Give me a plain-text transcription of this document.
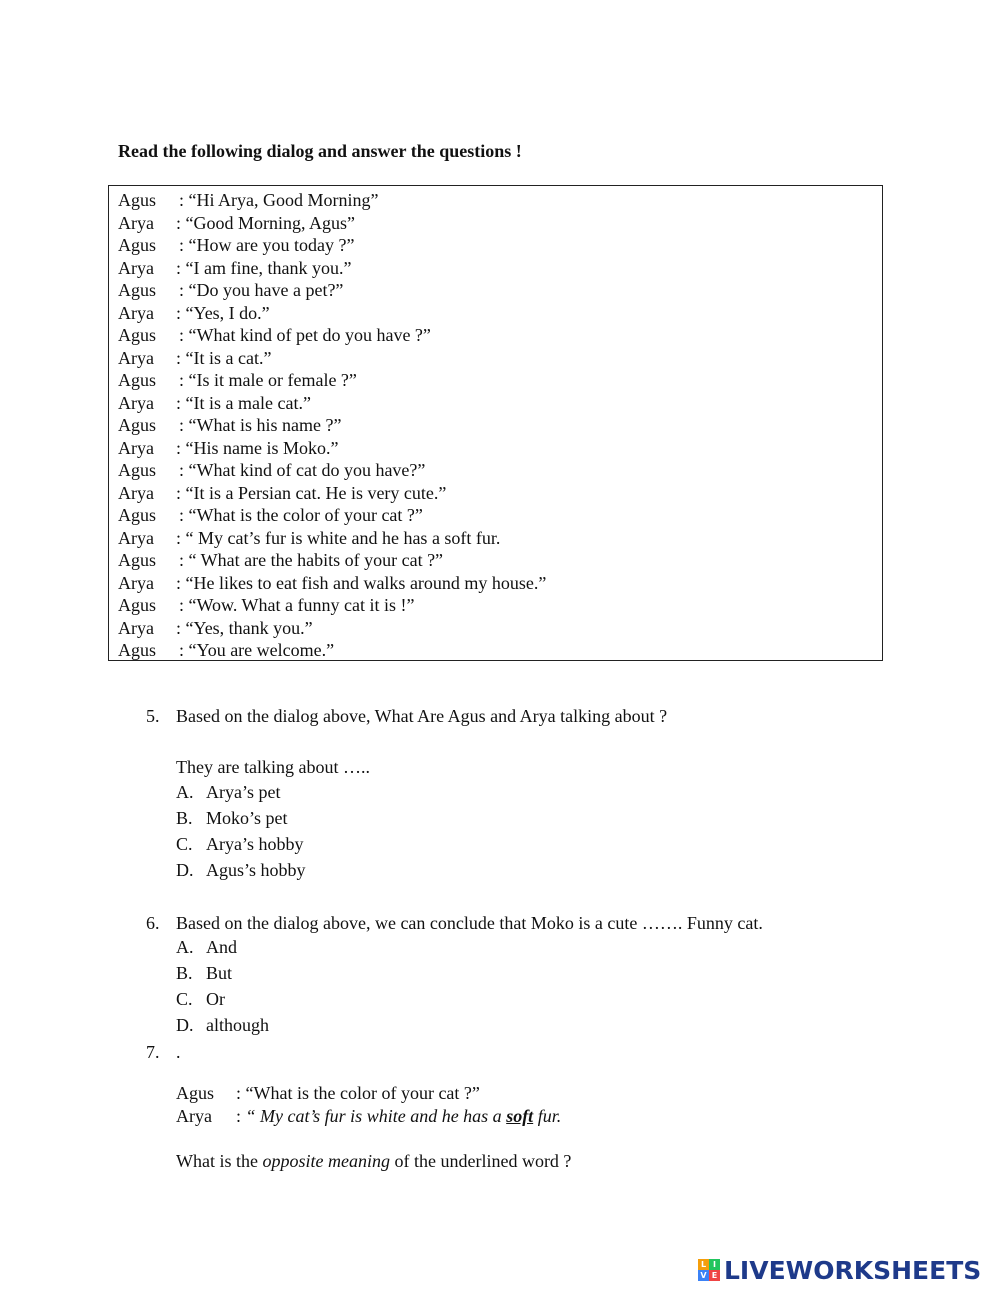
Read the following dialog and answer the questions !
Agus : “Hi Arya, Good Morning”
Arya : “Good Morning, Agus”
Agus : “How are you today ?”
Arya : “I am fine, thank you.”
Agus : “Do you have a pet?”
Arya : “Yes, I do.”
Agus : “What kind of pet do you have ?”
Arya : “It is a cat.”
Agus : “Is it male or female ?”
Arya : “It is a male cat.”
Agus : “What is his name ?”
Arya : “His name is Moko.”
Agus : “What kind of cat do you have?”
Arya : “It is a Persian cat. He is very cute.”
Agus : “What is the color of your cat ?”
Arya : “ My cat’s fur is white and he has a soft fur.
Agus : “ What are the habits of your cat ?”
Arya : “He likes to eat fish and walks around my house.”
Agus : “Wow. What a funny cat it is !”
Arya : “Yes, thank you.”
Agus : “You are welcome.”
5. Based on the dialog above, What Are Agus and Arya talking about ?
They are talking about …..
A. Arya’s pet
B. Moko’s pet
C. Arya’s hobby
D. Agus’s hobby
6. Based on the dialog above, we can conclude that Moko is a cute ……. Funny cat.
A. And
B. But
C. Or
D. although
7. .
Agus : “What is the color of your cat ?”
Arya : “ My cat’s fur is white and he has a soft fur.
What is the opposite meaning of the underlined word ?
L I
V E LIVEWORKSHEETS
